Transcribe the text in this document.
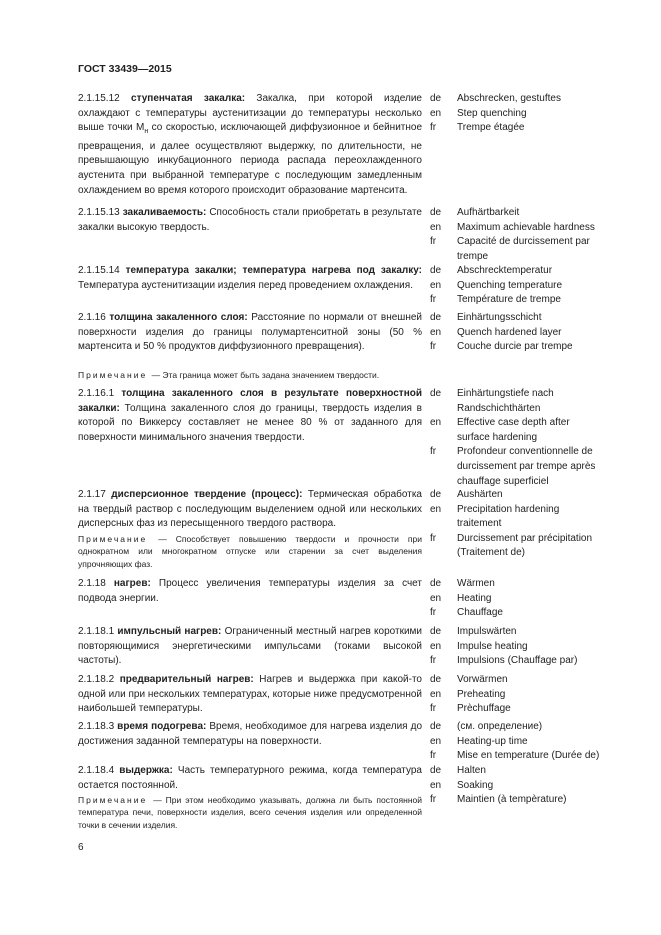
ГОСТ 33439—2015
2.1.15.12 ступенчатая закалка: Закалка, при которой изделие охлаждают с температуры аустенитизации до температуры несколько выше точки $M_н$ со скоростью, исключающей диффузионное и бейнитное превращения, и далее осуществляют выдержку, по длительности, не превышающую инкубационного периода распада переохлажденного аустенита при выбранной температуре с последующим замедленным охлаждением во время которого происходит образование мартенсита.
de	Abschrecken, gestuftes
en	Step quenching
fr	Trempe étagée
2.1.15.13 закаливаемость: Способность стали приобретать в результате закалки высокую твердость.
de	Aufhärtbarkeit
en	Maximum achievable hardness
fr	Capacité de durcissement par trempe
2.1.15.14 температура закалки; температура нагрева под закалку: Температура аустенитизации изделия перед проведением охлаждения.
de	Abschrecktemperatur
en	Quenching temperature
fr	Température de trempe
2.1.16 толщина закаленного слоя: Расстояние по нормали от внешней поверхности изделия до границы полумартенситной зоны (50 % мартенсита и 50 % продуктов диффузионного превращения).
Примечание — Эта граница может быть задана значением твердости.
de	Einhärtungsschicht
en	Quench hardened layer
fr	Couche durcie par trempe
2.1.16.1 толщина закаленного слоя в результате поверхностной закалки: Толщина закаленного слоя до границы, твердость изделия в которой по Виккерсу составляет не менее 80 % от заданного для поверхности минимального значения твердости.
de	Einhärtungstiefe nach Randschichthärten
en	Effective case depth after surface hardening
fr	Profondeur conventionnelle de durcissement par trempe après chauffage superficiel
2.1.17 дисперсионное твердение (процесс): Термическая обработка на твердый раствор с последующим выделением одной или нескольких дисперсных фаз из пересыщенного твердого раствора.
Примечание — Способствует повышению твердости и прочности при однократном или многократном отпуске или старении за счет выделения упрочняющих фаз.
de	Aushärten
en	Precipitation hardening traitement
fr	Durcissement par précipitation (Traitement de)
2.1.18 нагрев: Процесс увеличения температуры изделия за счет подвода энергии.
de	Wärmen
en	Heating
fr	Chauffage
2.1.18.1 импульсный нагрев: Ограниченный местный нагрев короткими повторяющимися энергетическими импульсами (токами высокой частоты).
de	Impulswärten
en	Impulse heating
fr	Impulsions (Chauffage par)
2.1.18.2 предварительный нагрев: Нагрев и выдержка при какой-то одной или при нескольких температурах, которые ниже предусмотренной наибольшей температуры.
de	Vorwärmen
en	Preheating
fr	Prèchuffage
2.1.18.3 время подогрева: Время, необходимое для нагрева изделия до достижения заданной температуры на поверхности.
de	(см. определение)
en	Heating-up time
fr	Mise en temperature (Durée de)
2.1.18.4 выдержка: Часть температурного режима, когда температура остается постоянной.
Примечание — При этом необходимо указывать, должна ли быть постоянной температура печи, поверхности изделия, всего сечения изделия или определенной точки в сечении изделия.
de	Halten
en	Soaking
fr	Maintien (à tempèrature)
6
